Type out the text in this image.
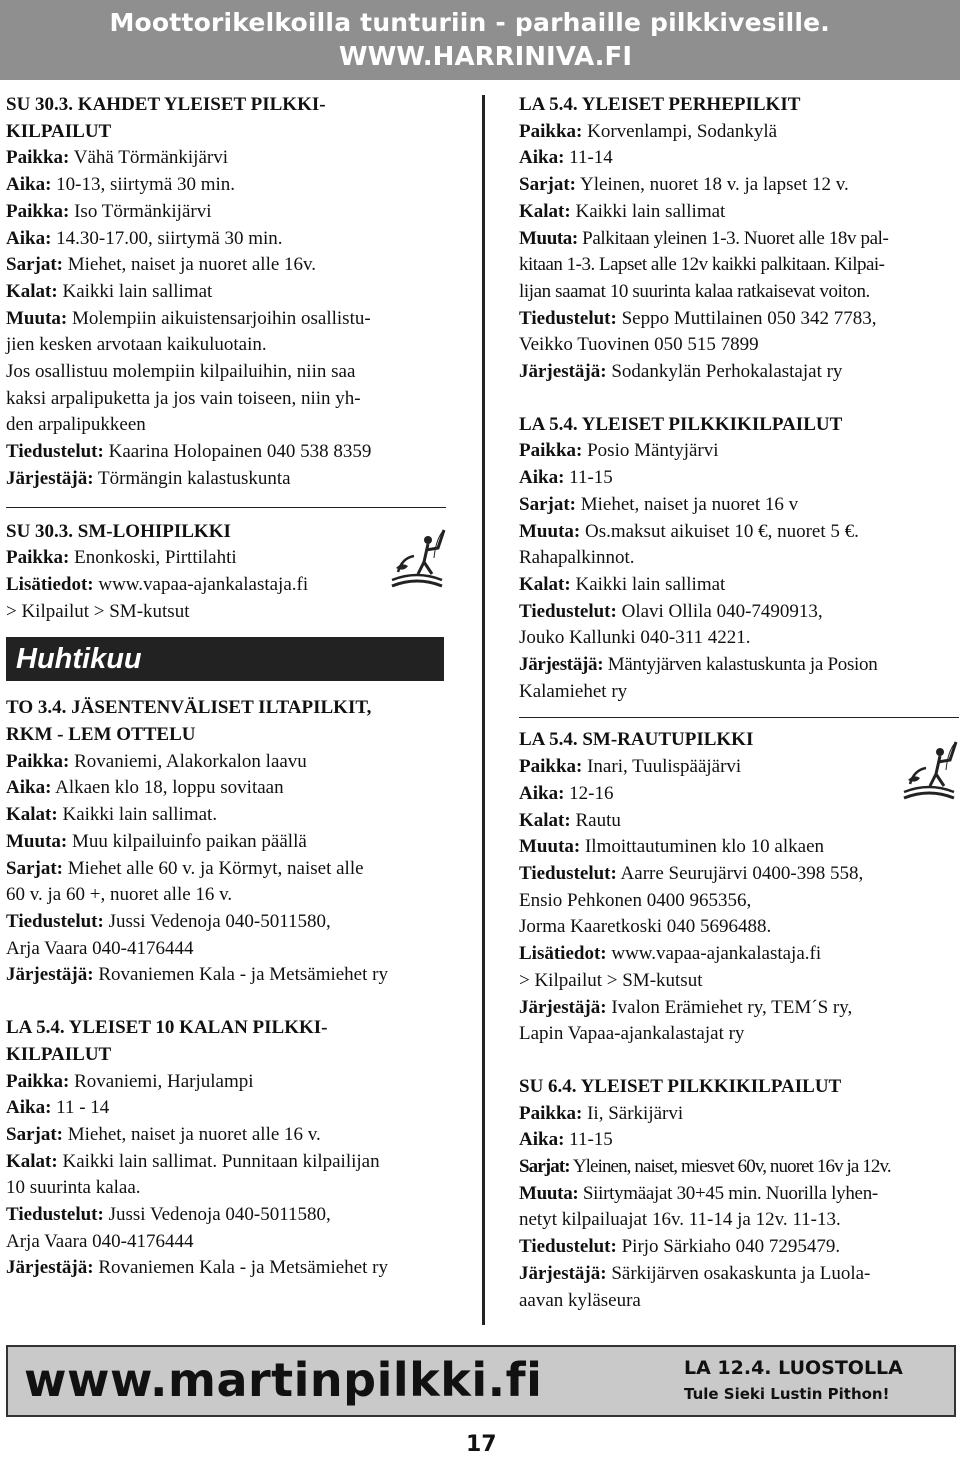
Moottorikelkoilla tunturiin - parhaille pilkkivesille.
WWW.HARRINIVA.FI

SU 30.3. KAHDET YLEISET PILKKI-

KILPAILUT

Paikka: Vähä Törmänkijärvi

Aika: 10-13, siirtymä 30 min.

Paikka: Iso Törmänkijärvi

Aika: 14.30-17.00, siirtymä 30 min.

Sarjat: Miehet, naiset ja nuoret alle 16v.

Kalat: Kaikki lain sallimat

Muuta: Molempiin aikuistensarjoihin osallistu-

jien kesken arvotaan kaikuluotain.

Jos osallistuu molempiin kilpailuihin, niin saa

kaksi arpalipuketta ja jos vain toiseen, niin yh-

den arpalipukkeen

Tiedustelut: Kaarina Holopainen 040 538 8359

Järjestäjä: Törmängin kalastuskunta

SU 30.3. SM-LOHIPILKKI

Paikka: Enonkoski, Pirttilahti

Lisätiedot: www.vapaa-ajankalastaja.fi

> Kilpailut > SM-kutsut

Huhtikuu

TO 3.4. JÄSENTENVÄLISET ILTAPILKIT,

RKM - LEM OTTELU

Paikka: Rovaniemi, Alakorkalon laavu

Aika: Alkaen klo 18, loppu sovitaan

Kalat: Kaikki lain sallimat.

Muuta: Muu kilpailuinfo paikan päällä

Sarjat: Miehet alle 60 v. ja Körmyt, naiset alle

60 v. ja 60 +, nuoret alle 16 v.

Tiedustelut: Jussi Vedenoja 040-5011580,

Arja Vaara 040-4176444

Järjestäjä: Rovaniemen Kala - ja Metsämiehet ry

LA 5.4. YLEISET 10 KALAN PILKKI-

KILPAILUT

Paikka: Rovaniemi, Harjulampi

Aika: 11 - 14

Sarjat: Miehet, naiset ja nuoret alle 16 v.

Kalat: Kaikki lain sallimat. Punnitaan kilpailijan

10 suurinta kalaa.

Tiedustelut: Jussi Vedenoja 040-5011580,

Arja Vaara 040-4176444

Järjestäjä: Rovaniemen Kala - ja Metsämiehet ry

LA 5.4. YLEISET PERHEPILKIT

Paikka: Korvenlampi, Sodankylä

Aika: 11-14

Sarjat: Yleinen, nuoret 18 v. ja lapset 12 v.

Kalat: Kaikki lain sallimat

Muuta: Palkitaan yleinen 1-3. Nuoret alle 18v pal-

kitaan 1-3. Lapset alle 12v kaikki palkitaan. Kilpai-

lijan saamat 10 suurinta kalaa ratkaisevat voiton.

Tiedustelut: Seppo Muttilainen 050 342 7783,

Veikko Tuovinen 050 515 7899

Järjestäjä: Sodankylän Perhokalastajat ry

LA 5.4. YLEISET PILKKIKILPAILUT

Paikka: Posio Mäntyjärvi

Aika: 11-15

Sarjat: Miehet, naiset ja nuoret 16 v

Muuta: Os.maksut aikuiset 10 €, nuoret 5 €.

Rahapalkinnot.

Kalat: Kaikki lain sallimat

Tiedustelut: Olavi Ollila 040-7490913,

Jouko Kallunki 040-311 4221.

Järjestäjä: Mäntyjärven kalastuskunta ja Posion

Kalamiehet ry

LA 5.4. SM-RAUTUPILKKI

Paikka: Inari, Tuulispääjärvi

Aika: 12-16

Kalat: Rautu

Muuta: Ilmoittautuminen klo 10 alkaen

Tiedustelut: Aarre Seurujärvi 0400-398 558,

Ensio Pehkonen 0400 965356,

Jorma Kaaretkoski 040 5696488.

Lisätiedot: www.vapaa-ajankalastaja.fi

> Kilpailut > SM-kutsut

Järjestäjä: Ivalon Erämiehet ry, TEM´S ry,

Lapin Vapaa-ajankalastajat ry

SU 6.4. YLEISET PILKKIKILPAILUT

Paikka: Ii, Särkijärvi

Aika: 11-15

Sarjat: Yleinen, naiset, miesvet 60v, nuoret 16v ja 12v.

Muuta: Siirtymäajat 30+45 min. Nuorilla lyhen-

netyt kilpailuajat 16v. 11-14 ja 12v. 11-13.

Tiedustelut: Pirjo Särkiaho 040 7295479.

Järjestäjä: Särkijärven osakaskunta ja Luola-

aavan kyläseura

www.martinpilkki.fi	LA 12.4. LUOSTOLLA
Tule Sieki Lustin Pithon!
17
